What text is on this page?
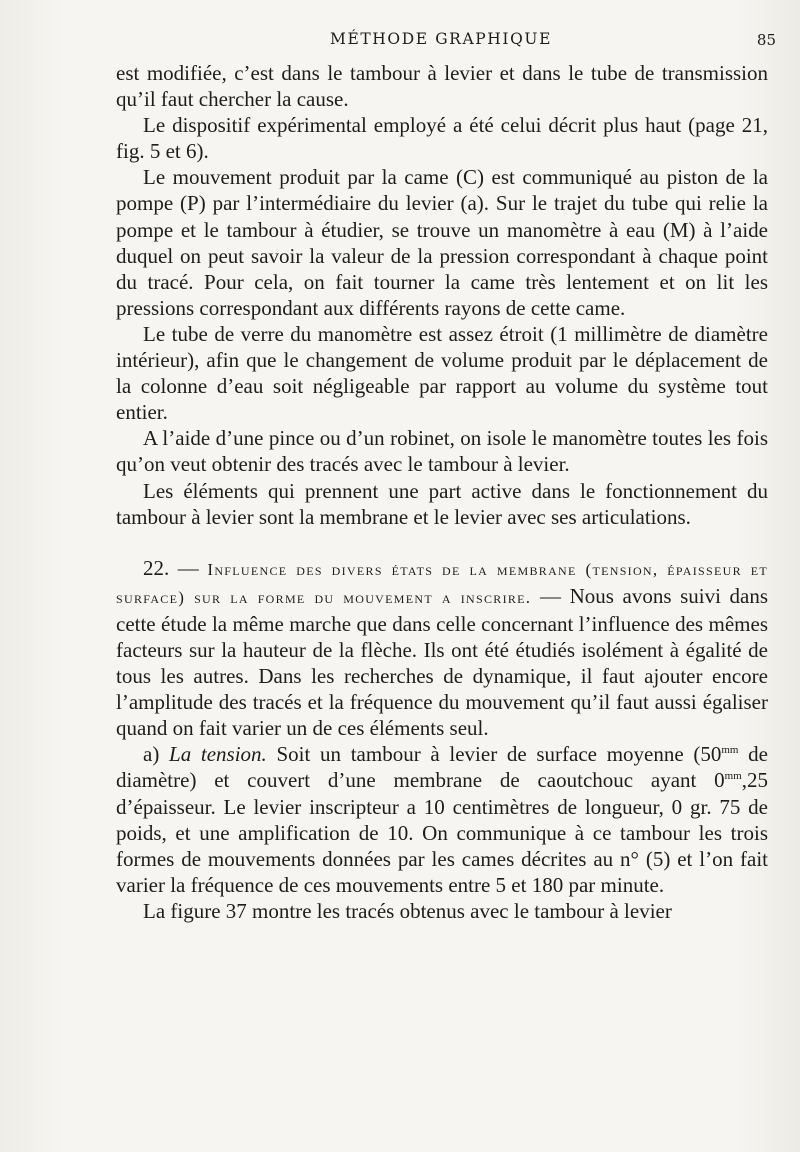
MÉTHODE GRAPHIQUE	85

est modifiée, c’est dans le tambour à levier et dans le tube de transmission qu’il faut chercher la cause.

Le dispositif expérimental employé a été celui décrit plus haut (page 21, fig. 5 et 6).

Le mouvement produit par la came (C) est communiqué au piston de la pompe (P) par l’intermédiaire du levier (a). Sur le trajet du tube qui relie la pompe et le tambour à étudier, se trouve un manomètre à eau (M) à l’aide duquel on peut savoir la valeur de la pression correspondant à chaque point du tracé. Pour cela, on fait tourner la came très lentement et on lit les pressions correspondant aux différents rayons de cette came.

Le tube de verre du manomètre est assez étroit (1 millimètre de diamètre intérieur), afin que le changement de volume produit par le déplacement de la colonne d’eau soit négligeable par rapport au volume du système tout entier.

A l’aide d’une pince ou d’un robinet, on isole le manomètre toutes les fois qu’on veut obtenir des tracés avec le tambour à levier.

Les éléments qui prennent une part active dans le fonctionnement du tambour à levier sont la membrane et le levier avec ses articulations.

22. — Influence des divers états de la membrane (tension, épaisseur et surface) sur la forme du mouvement a inscrire. — Nous avons suivi dans cette étude la même marche que dans celle concernant l’influence des mêmes facteurs sur la hauteur de la flèche. Ils ont été étudiés isolément à égalité de tous les autres. Dans les recherches de dynamique, il faut ajouter encore l’amplitude des tracés et la fréquence du mouvement qu’il faut aussi égaliser quand on fait varier un de ces éléments seul.

a) La tension. Soit un tambour à levier de surface moyenne ($50^{mm}$ de diamètre) et couvert d’une membrane de caoutchouc ayant $0^{mm},25$ d’épaisseur. Le levier inscripteur a 10 centimètres de longueur, 0 gr. 75 de poids, et une amplification de 10. On communique à ce tambour les trois formes de mouvements données par les cames décrites au n° (5) et l’on fait varier la fréquence de ces mouvements entre 5 et 180 par minute.

La figure 37 montre les tracés obtenus avec le tambour à levier
